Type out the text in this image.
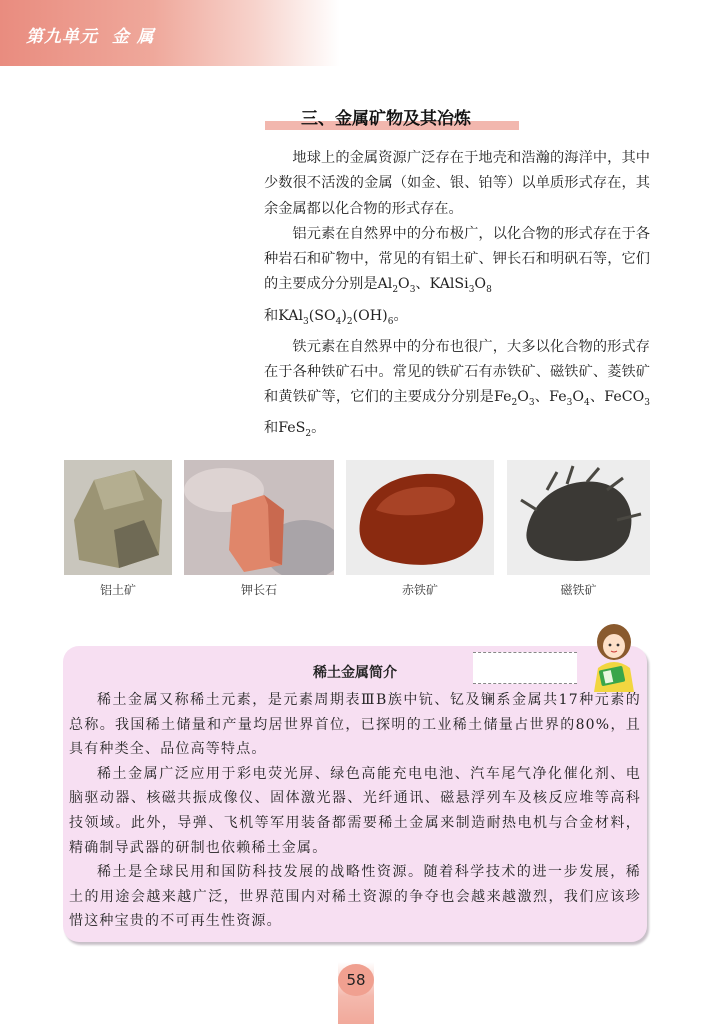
第九单元 金 属
三、金属矿物及其冶炼

地球上的金属资源广泛存在于地壳和浩瀚的海洋中，其中少数很不活泼的金属（如金、银、铂等）以单质形式存在，其余金属都以化合物的形式存在。

铝元素在自然界中的分布极广，以化合物的形式存在于各种岩石和矿物中，常见的有铝土矿、钾长石和明矾石等，它们的主要成分分别是$Al_2O_3$、$KAlSi_3O_8$
和$KAl_3(SO_4)_2(OH)_6$。

铁元素在自然界中的分布也很广，大多以化合物的形式存在于各种铁矿石中。常见的铁矿石有赤铁矿、磁铁矿、菱铁矿和黄铁矿等，它们的主要成分分别是$Fe_2O_3$、$Fe_3O_4$、FeCO$_3$和FeS$_2$。

铝土矿	钾长石	赤铁矿	磁铁矿
稀土金属简介

稀土金属又称稀土元素，是元素周期表ⅢB族中钪、钇及镧系金属共17种元素的总称。我国稀土储量和产量均居世界首位，已探明的工业稀土储量占世界的80%，且具有种类全、品位高等特点。

稀土金属广泛应用于彩电荧光屏、绿色高能充电电池、汽车尾气净化催化剂、电脑驱动器、核磁共振成像仪、固体激光器、光纤通讯、磁悬浮列车及核反应堆等高科技领域。此外，导弹、飞机等军用装备都需要稀土金属来制造耐热电机与合金材料，精确制导武器的研制也依赖稀土金属。

稀土是全球民用和国防科技发展的战略性资源。随着科学技术的进一步发展，稀土的用途会越来越广泛，世界范围内对稀土资源的争夺也会越来越激烈，我们应该珍惜这种宝贵的不可再生性资源。

58
